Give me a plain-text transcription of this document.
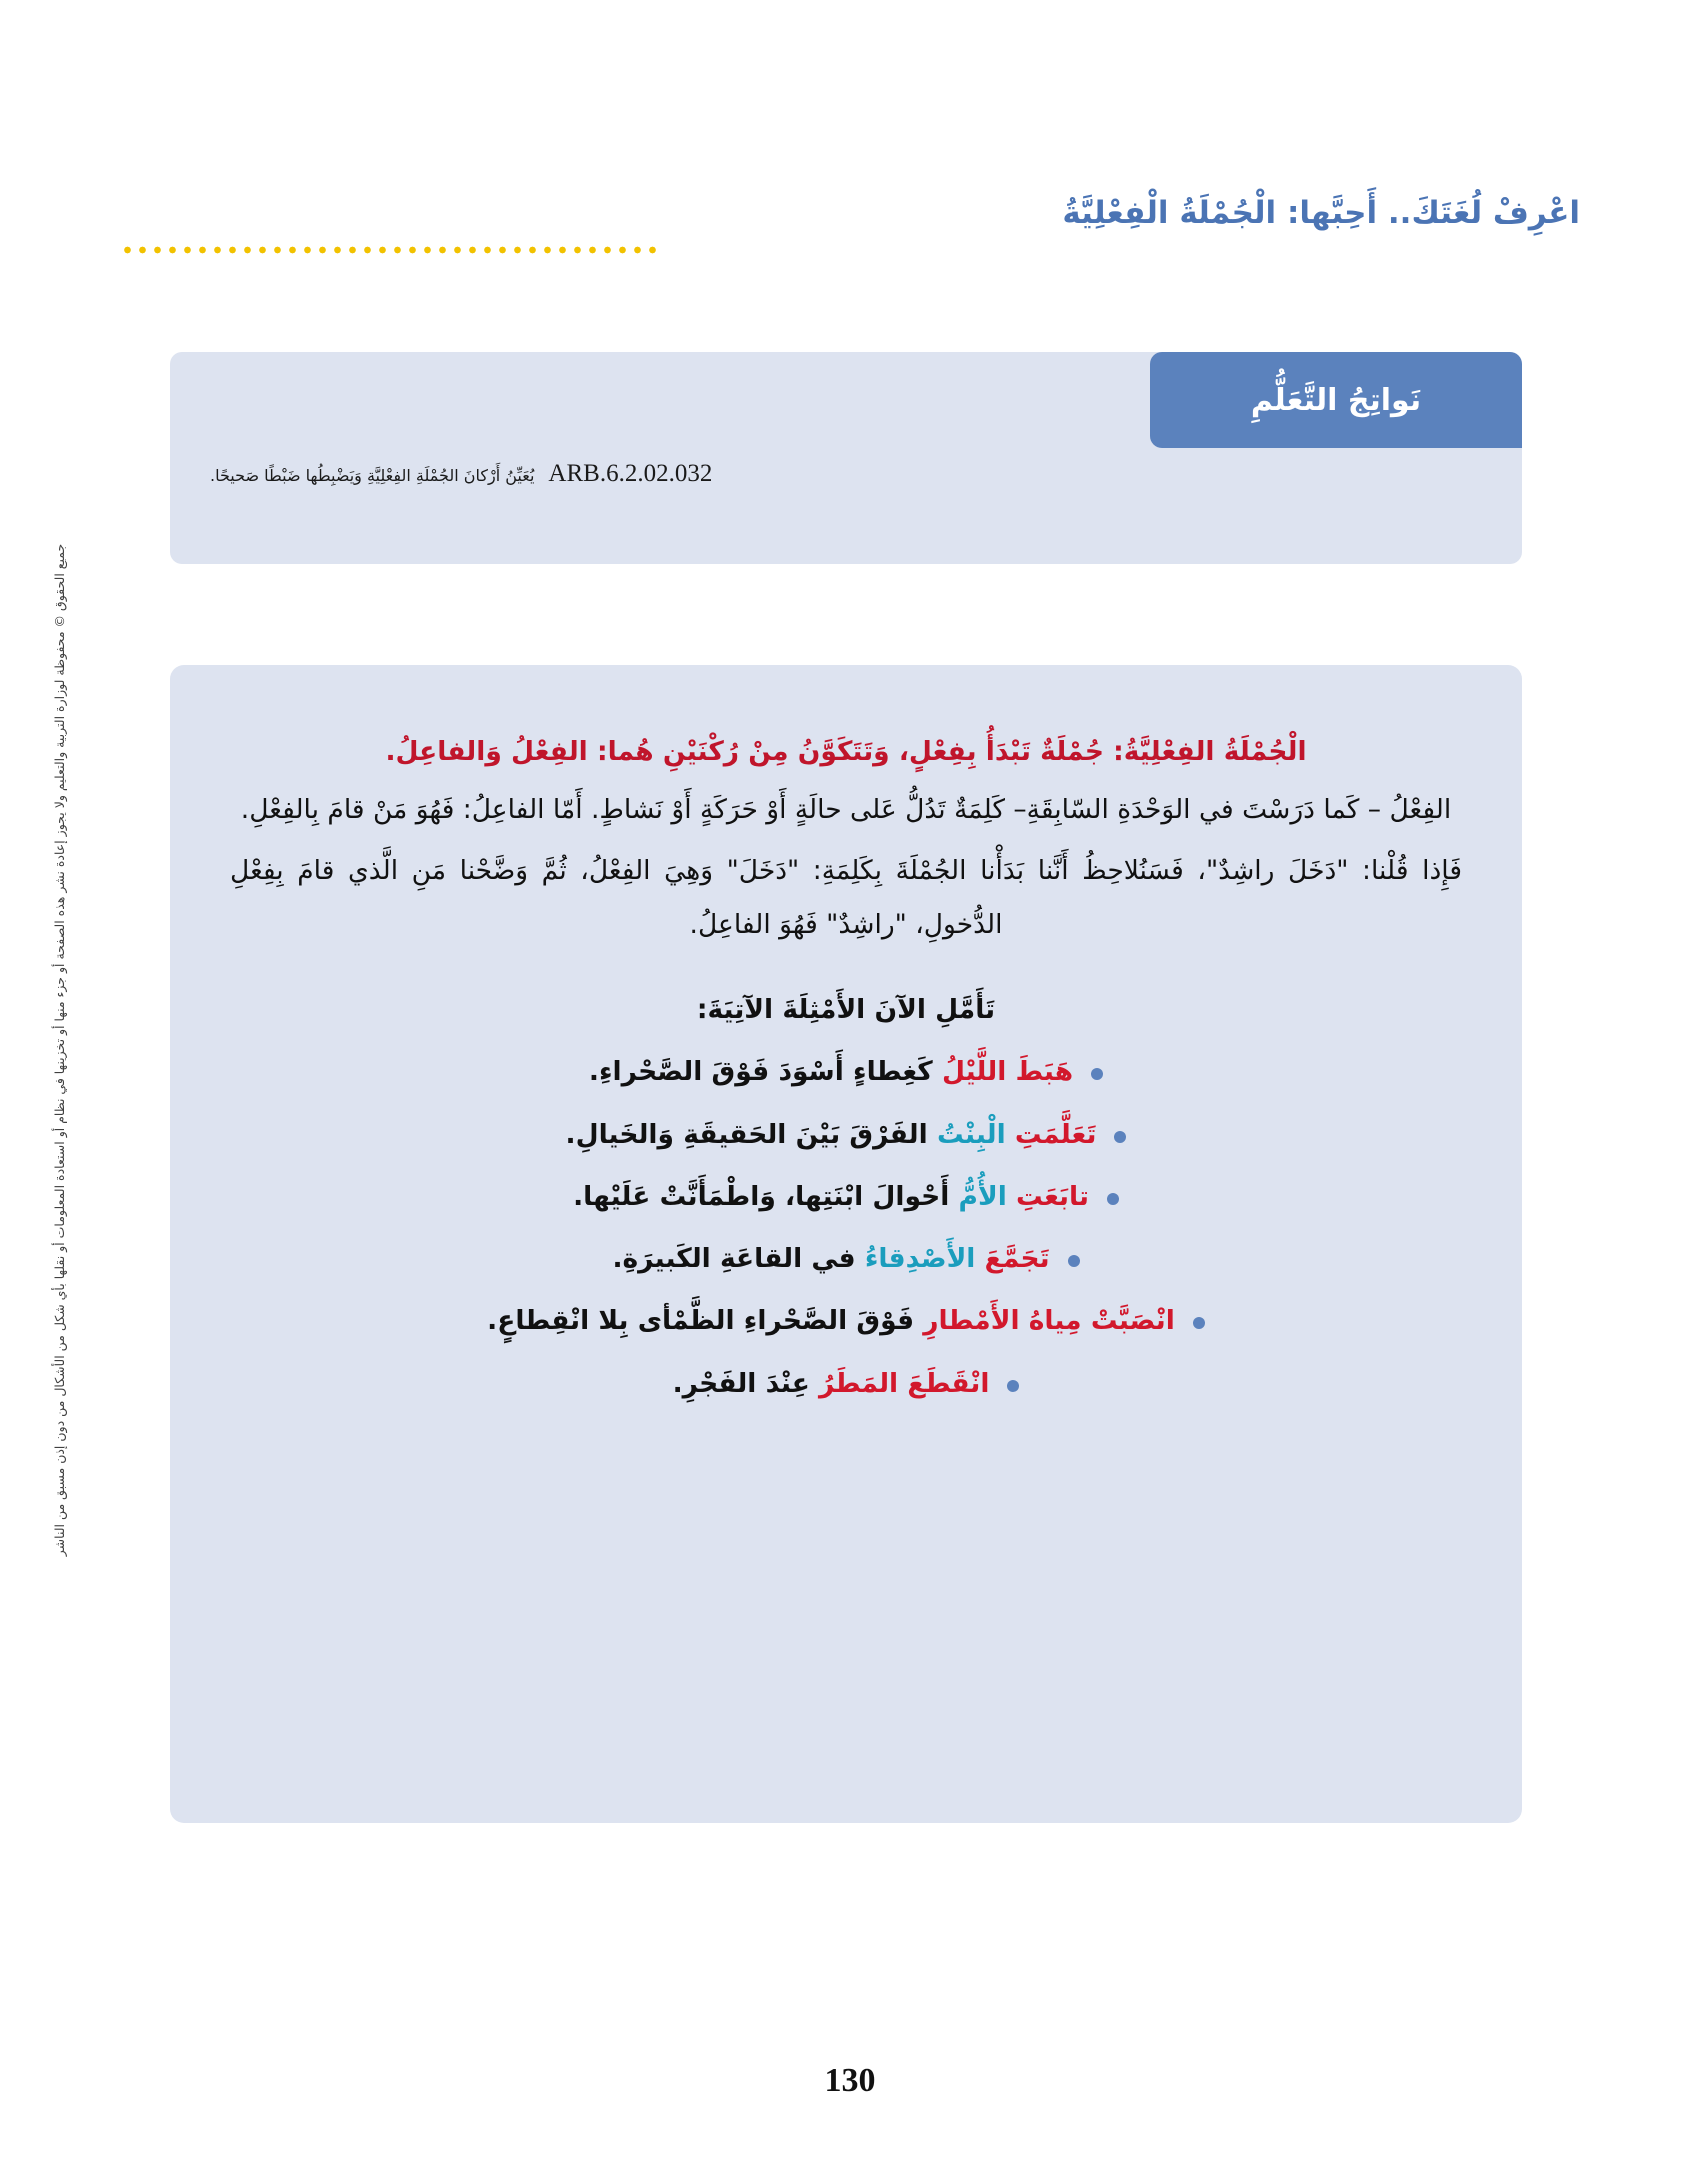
اعْرِفْ لُغَتَكَ.. أَحِبَّها: الْجُمْلَةُ الْفِعْلِيَّةُ
جميع الحقوق © محفوظة لوزارة التربية والتعليم ولا يجوز إعادة نشر هذه الصفحة أو جزء منها أو تخزينها في نظام أو استعادة المعلومات أو نقلها بأي شكل من الأشكال من دون إذن مسبق من الناشر
نَواتِجُ التَّعَلُّمِ
ARB.6.2.02.032
يُعَيِّنُ أَرْكانَ الجُمْلَةِ الفِعْلِيَّةِ وَيَضْبِطُها ضَبْطًا صَحيحًا.
الْجُمْلَةُ الفِعْلِيَّةُ: جُمْلَةٌ تَبْدَأُ بِفِعْلٍ، وَتَتَكَوَّنُ مِنْ رُكْنَيْنِ هُما: الفِعْلُ وَالفاعِلُ.
الفِعْلُ – كَما دَرَسْتَ في الوَحْدَةِ السّابِقَةِ– كَلِمَةٌ تَدُلُّ عَلى حالَةٍ أَوْ حَرَكَةٍ أَوْ نَشاطٍ. أَمّا الفاعِلُ: فَهُوَ مَنْ قامَ بِالفِعْلِ.
فَإِذا قُلْنا: "دَخَلَ راشِدٌ"، فَسَنُلاحِظُ أَنَّنا بَدَأْنا الجُمْلَةَ بِكَلِمَةِ: "دَخَلَ" وَهِيَ الفِعْلُ، ثُمَّ وَضَّحْنا مَنِ الَّذي قامَ بِفِعْلِ الدُّخولِ، "راشِدٌ" فَهُوَ الفاعِلُ.
تَأَمَّلِ الآنَ الأَمْثِلَةَ الآتِيَةَ:
هَبَطَ اللَّيْلُ كَغِطاءٍ أَسْوَدَ فَوْقَ الصَّحْراءِ.
تَعَلَّمَتِ الْبِنْتُ الفَرْقَ بَيْنَ الحَقيقَةِ وَالخَيالِ.
تابَعَتِ الأُمُّ أَحْوالَ ابْنَتِها، وَاطْمَأَنَّتْ عَلَيْها.
تَجَمَّعَ الأَصْدِقاءُ في القاعَةِ الكَبيرَةِ.
انْصَبَّتْ مِياهُ الأَمْطارِ فَوْقَ الصَّحْراءِ الظَّمْأى بِلا انْقِطاعٍ.
انْقَطَعَ المَطَرُ عِنْدَ الفَجْرِ.
130
